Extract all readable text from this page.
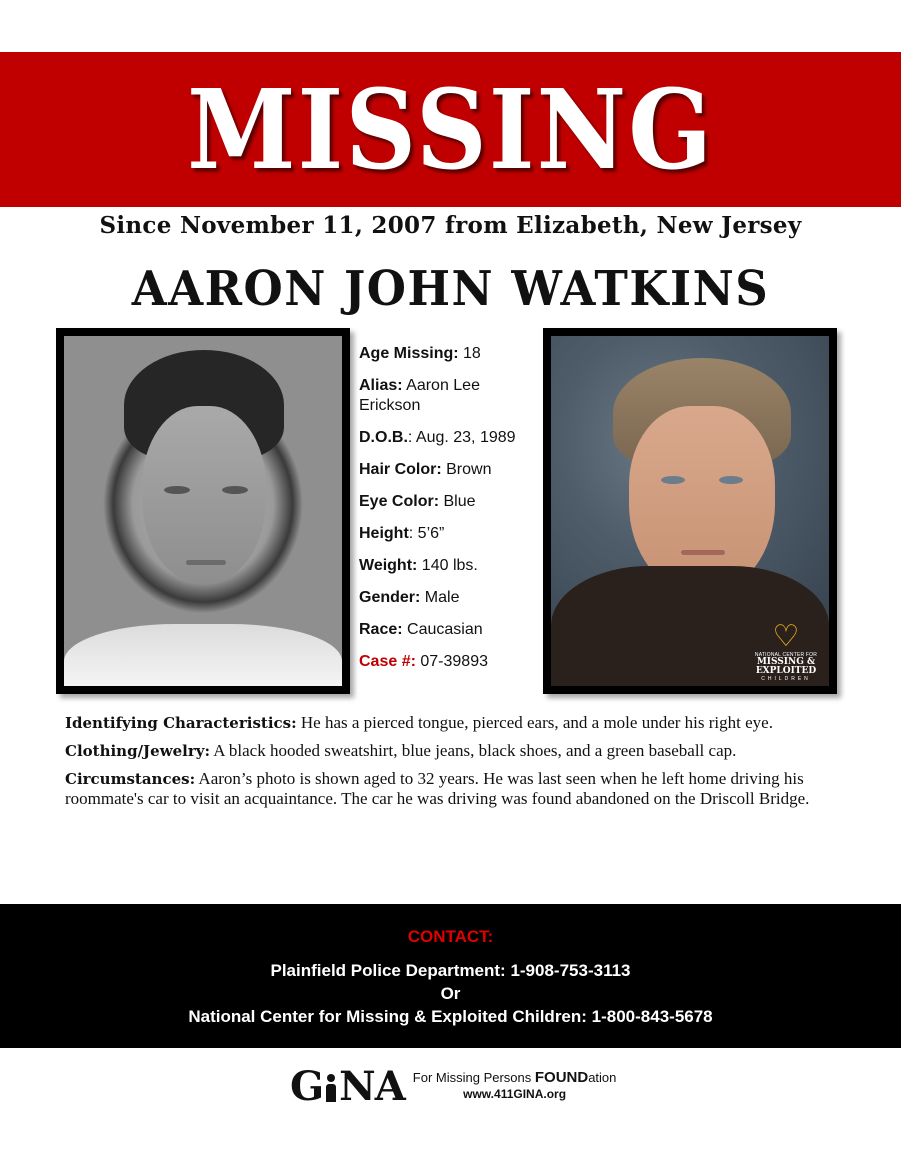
MISSING
Since November 11, 2007 from Elizabeth, New Jersey
AARON JOHN WATKINS
Age Missing: 18
Alias: Aaron Lee Erickson
D.O.B.: Aug. 23, 1989
Hair Color: Brown
Eye Color: Blue
Height: 5’6”
Weight: 140 lbs.
Gender: Male
Race: Caucasian
Case #: 07-39893
♡
NATIONAL CENTER FOR
MISSING &
EXPLOITED
CHILDREN

Identifying Characteristics: He has a pierced tongue, pierced ears, and a mole under his right eye.

Clothing/Jewelry: A black hooded sweatshirt, blue jeans, black shoes, and a green baseball cap.

Circumstances: Aaron’s photo is shown aged to 32 years. He was last seen when he left home driving his roommate's car to visit an acquaintance. The car he was driving was found abandoned on the Driscoll Bridge.

CONTACT:
Plainfield Police Department: 1-908-753-3113
Or
National Center for Missing & Exploited Children: 1-800-843-5678
G NA For Missing Persons FOUNDation
www.411GINA.org
